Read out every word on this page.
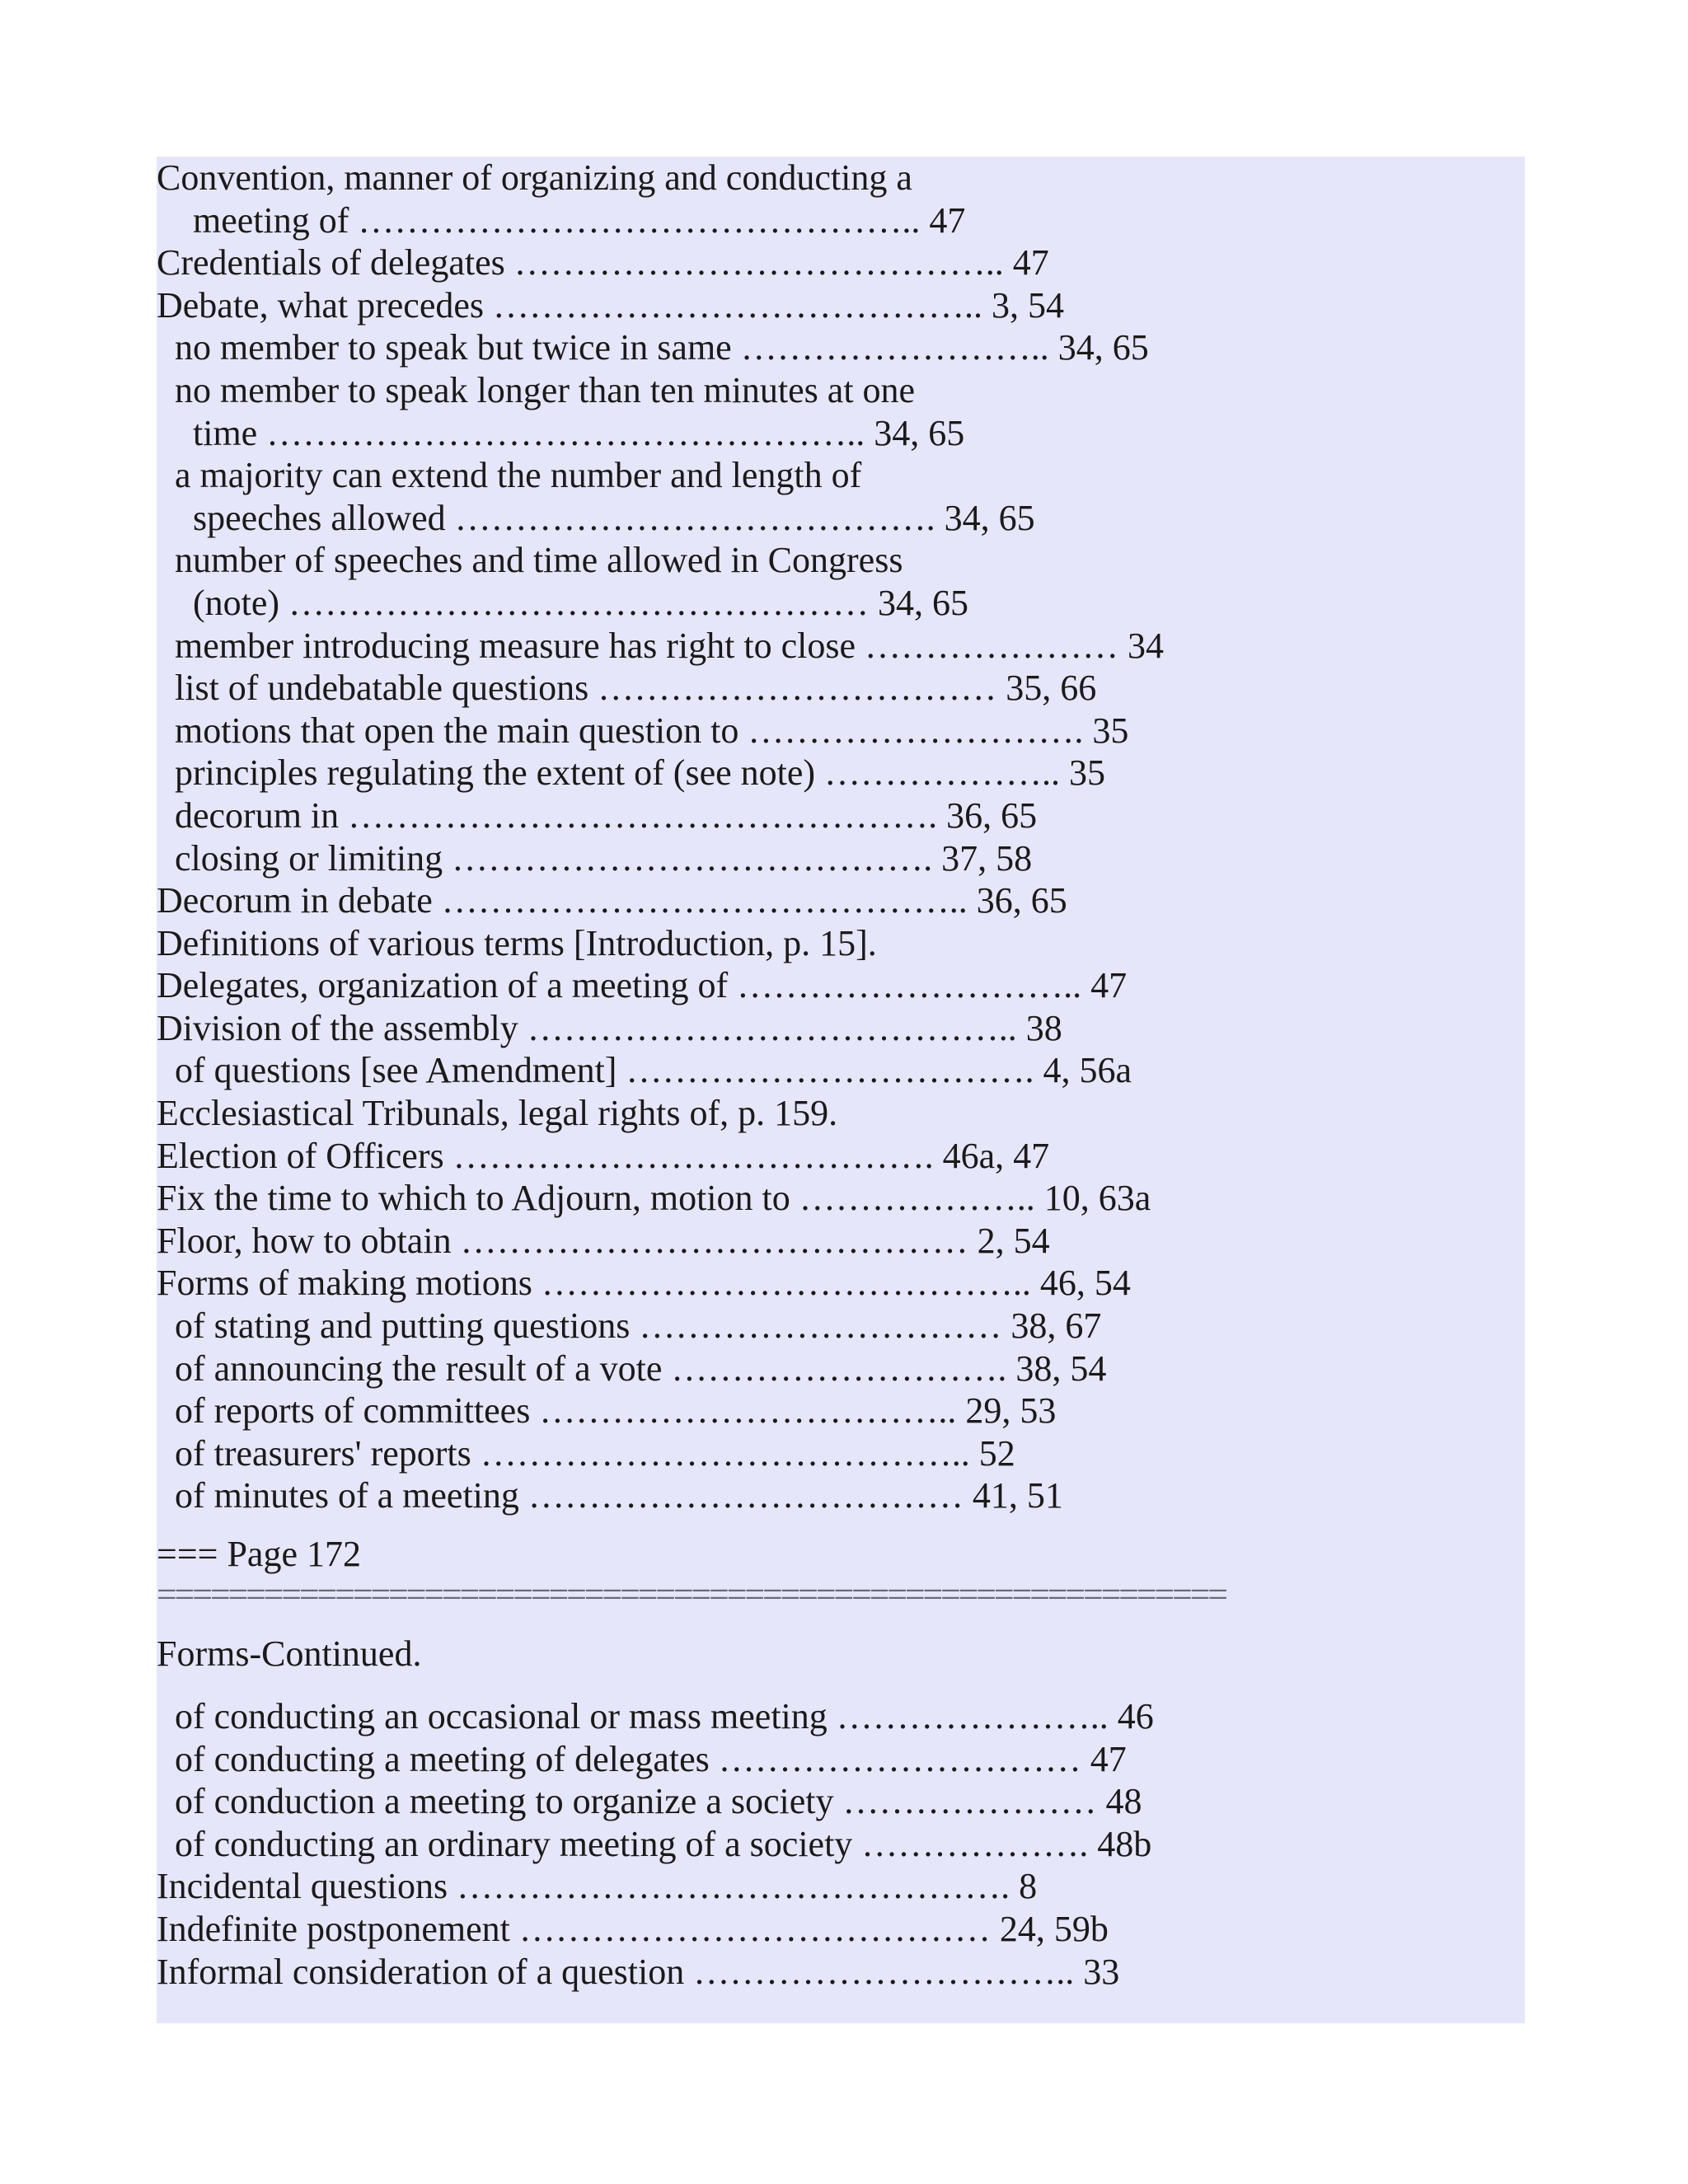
Convention, manner of organizing and conducting a
meeting of ……………………………………….. 47
Credentials of delegates ………………………………….. 47
Debate, what precedes ………………………………….. 3, 54
no member to speak but twice in same …………………….. 34, 65
no member to speak longer than ten minutes at one
time ………………………………………….. 34, 65
a majority can extend the number and length of
speeches allowed …………………………………. 34, 65
number of speeches and time allowed in Congress
(note) ………………………………………… 34, 65
member introducing measure has right to close ………………… 34
list of undebatable questions …………………………… 35, 66
motions that open the main question to ………………………. 35
principles regulating the extent of (see note) ……………….. 35
decorum in …………………………………………. 36, 65
closing or limiting …………………………………. 37, 58
Decorum in debate …………………………………….. 36, 65
Definitions of various terms [Introduction, p. 15].
Delegates, organization of a meeting of ……………………….. 47
Division of the assembly ………………………………….. 38
of questions [see Amendment] ……………………………. 4, 56a
Ecclesiastical Tribunals, legal rights of, p. 159.
Election of Officers …………………………………. 46a, 47
Fix the time to which to Adjourn, motion to ……………….. 10, 63a
Floor, how to obtain …………………………………… 2, 54
Forms of making motions ………………………………….. 46, 54
of stating and putting questions ………………………… 38, 67
of announcing the result of a vote ………………………. 38, 54
of reports of committees …………………………….. 29, 53
of treasurers' reports ………………………………….. 52
of minutes of a meeting ……………………………… 41, 51
=== Page 172
============================================================
Forms-Continued.
of conducting an occasional or mass meeting ………………….. 46
of conducting a meeting of delegates ………………………… 47
of conduction a meeting to organize a society ………………… 48
of conducting an ordinary meeting of a society ………………. 48b
Incidental questions ………………………………………. 8
Indefinite postponement ………………………………… 24, 59b
Informal consideration of a question ………………………….. 33
